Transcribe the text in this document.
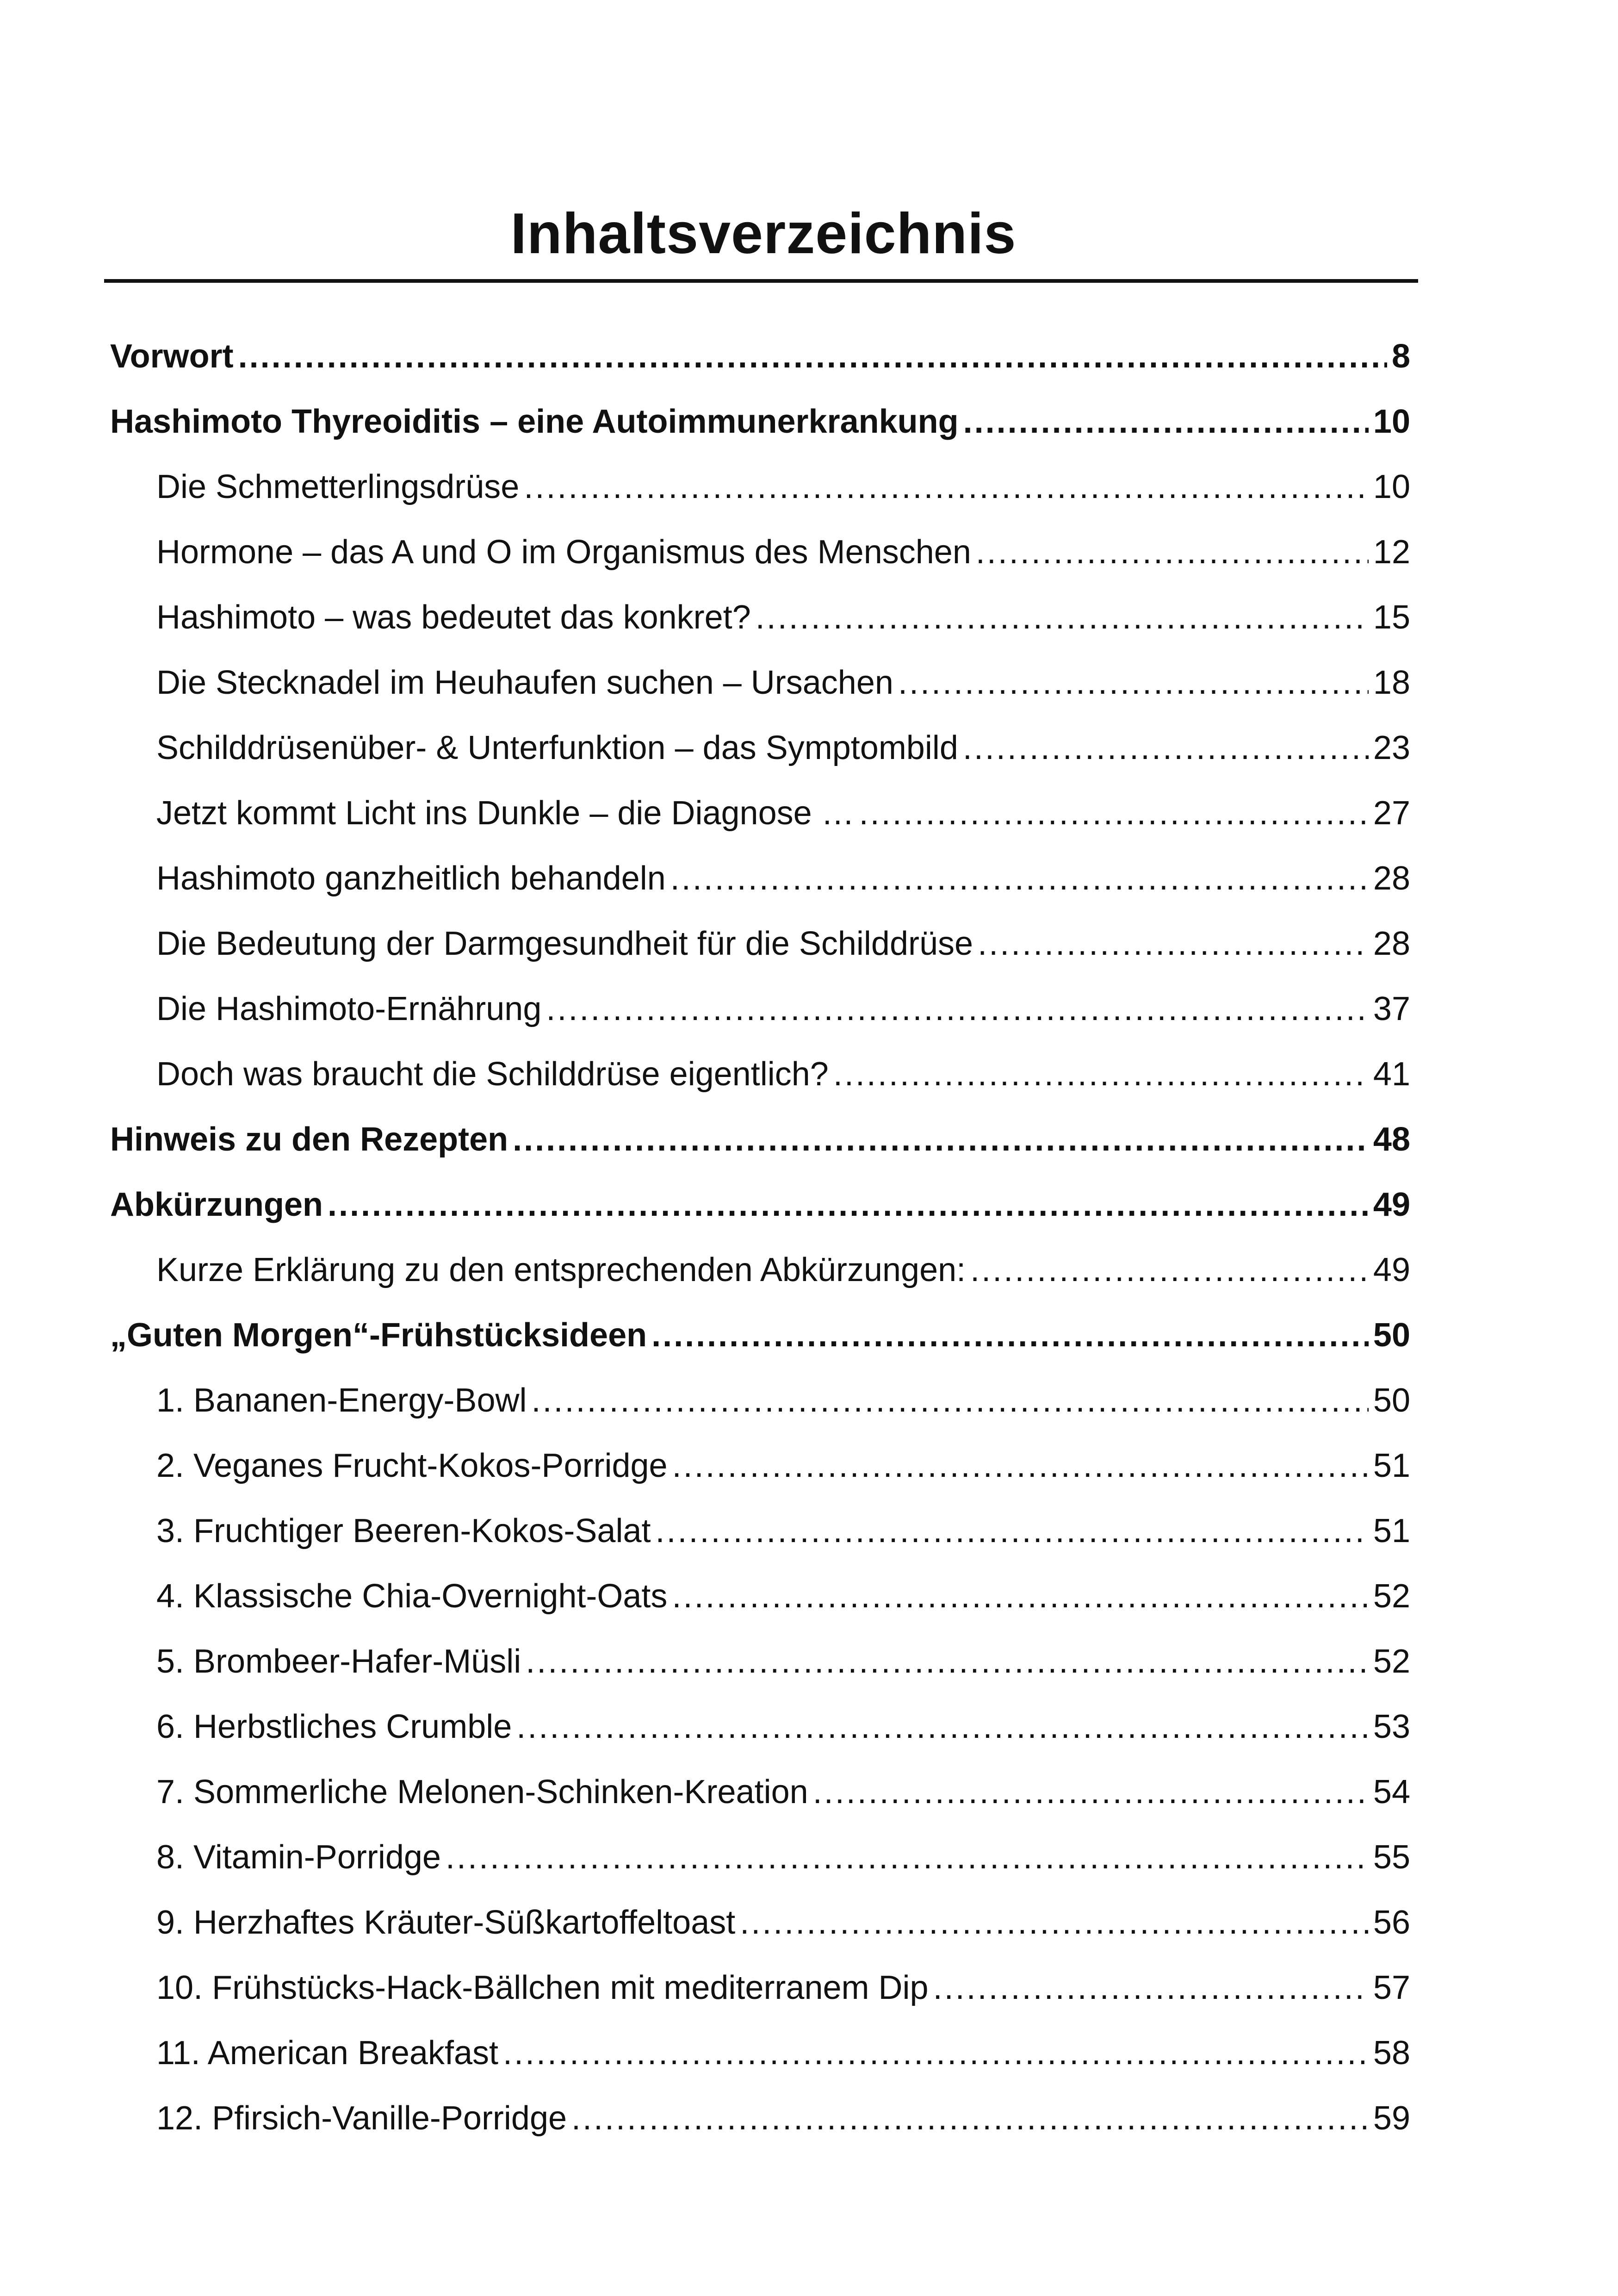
Inhaltsverzeichnis
Vorwort .....	8
Hashimoto Thyreoiditis – eine Autoimmunerkrankung .....	10
Die Schmetterlingsdrüse .....	10
Hormone – das A und O im Organismus des Menschen .....	12
Hashimoto – was bedeutet das konkret? .....	15
Die Stecknadel im Heuhaufen suchen – Ursachen .....	18
Schilddrüsenüber- & Unterfunktion – das Symptombild .....	23
Jetzt kommt Licht ins Dunkle – die Diagnose … .....	27
Hashimoto ganzheitlich behandeln .....	28
Die Bedeutung der Darmgesundheit für die Schilddrüse .....	28
Die Hashimoto-Ernährung .....	37
Doch was braucht die Schilddrüse eigentlich? .....	41
Hinweis zu den Rezepten .....	48
Abkürzungen .....	49
Kurze Erklärung zu den entsprechenden Abkürzungen: .....	49
„Guten Morgen“-Frühstücksideen .....	50
1. Bananen-Energy-Bowl .....	50
2. Veganes Frucht-Kokos-Porridge .....	51
3. Fruchtiger Beeren-Kokos-Salat .....	51
4. Klassische Chia-Overnight-Oats .....	52
5. Brombeer-Hafer-Müsli .....	52
6. Herbstliches Crumble .....	53
7. Sommerliche Melonen-Schinken-Kreation .....	54
8. Vitamin-Porridge .....	55
9. Herzhaftes Kräuter-Süßkartoffeltoast .....	56
10. Frühstücks-Hack-Bällchen mit mediterranem Dip .....	57
11. American Breakfast .....	58
12. Pfirsich-Vanille-Porridge .....	59
